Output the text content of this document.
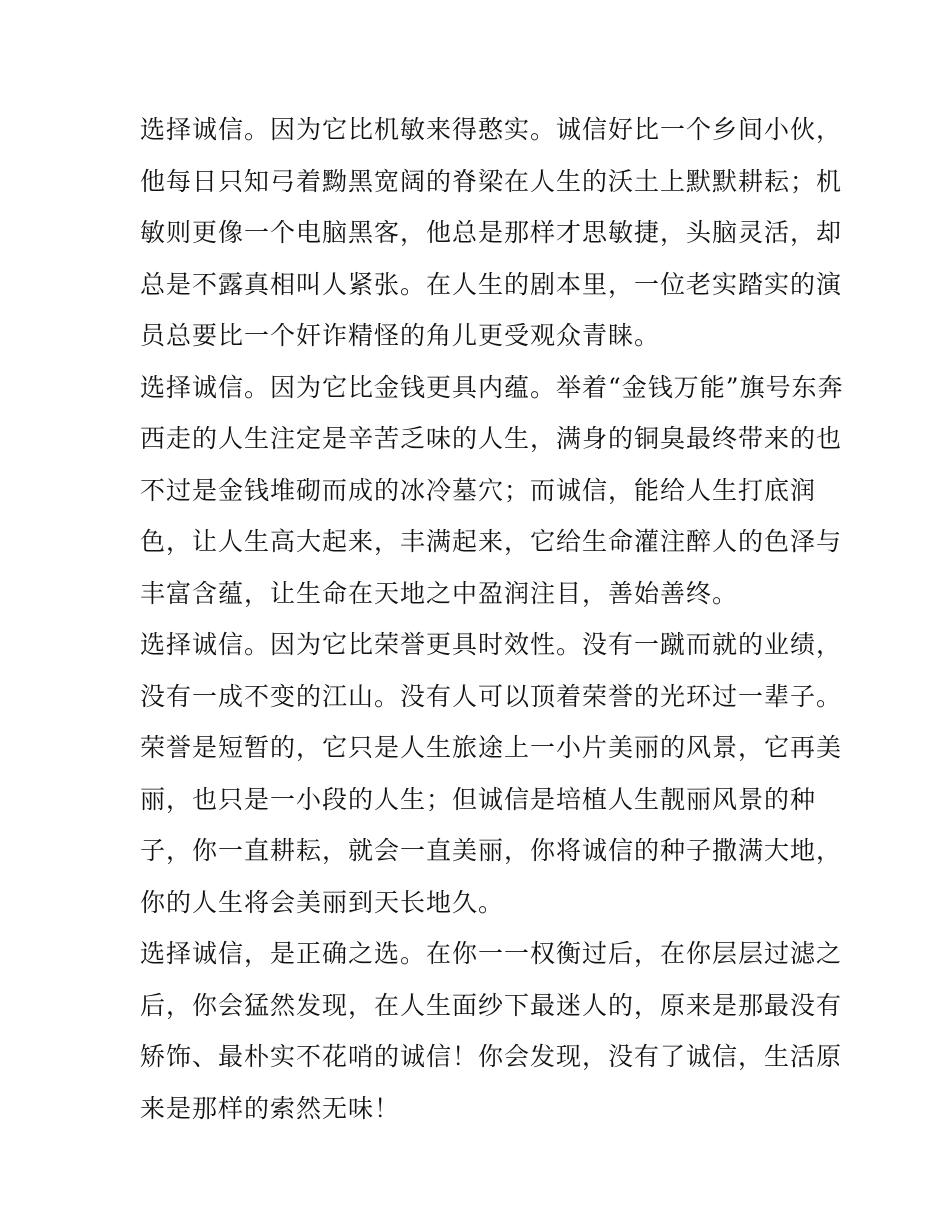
选择诚信。因为它比机敏来得憨实。诚信好比一个乡间小伙，
他每日只知弓着黝黑宽阔的脊梁在人生的沃土上默默耕耘；机
敏则更像一个电脑黑客，他总是那样才思敏捷，头脑灵活，却
总是不露真相叫人紧张。在人生的剧本里，一位老实踏实的演
员总要比一个奸诈精怪的角儿更受观众青睐。
选择诚信。因为它比金钱更具内蕴。举着“金钱万能”旗号东奔
西走的人生注定是辛苦乏味的人生，满身的铜臭最终带来的也
不过是金钱堆砌而成的冰冷墓穴；而诚信，能给人生打底润
色，让人生高大起来，丰满起来，它给生命灌注醉人的色泽与
丰富含蕴，让生命在天地之中盈润注目，善始善终。
选择诚信。因为它比荣誉更具时效性。没有一蹴而就的业绩，
没有一成不变的江山。没有人可以顶着荣誉的光环过一辈子。
荣誉是短暂的，它只是人生旅途上一小片美丽的风景，它再美
丽，也只是一小段的人生；但诚信是培植人生靓丽风景的种
子，你一直耕耘，就会一直美丽，你将诚信的种子撒满大地，
你的人生将会美丽到天长地久。
选择诚信，是正确之选。在你一一权衡过后，在你层层过滤之
后，你会猛然发现，在人生面纱下最迷人的，原来是那最没有
矫饰、最朴实不花哨的诚信！你会发现，没有了诚信，生活原
来是那样的索然无味！
